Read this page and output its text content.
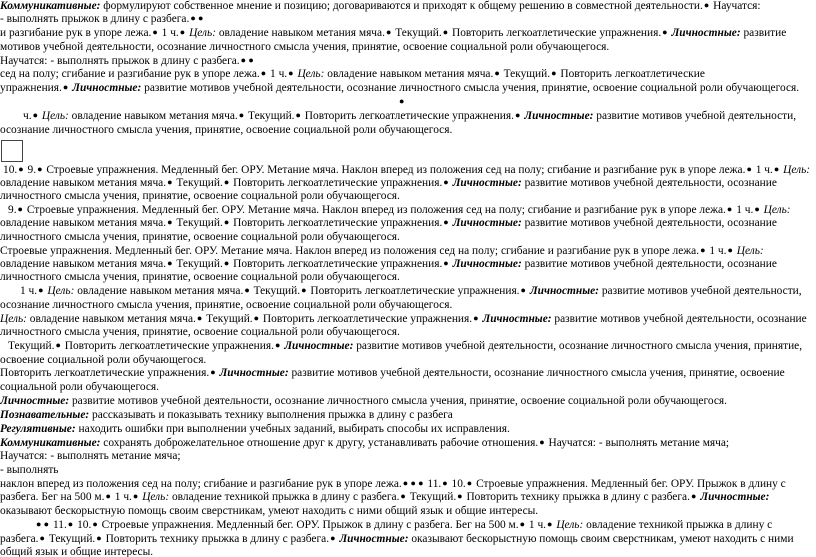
Коммуникативные: формулируют собственное мнение и позицию; договариваются и приходят к общему решению в совместной деятельности.● Научатся:
- выполнять прыжок в длину с разбега.● ●
и разгибание рук в упоре лежа.● 1 ч.● Цель: овладение навыком метания мяча.● Текущий.● Повторить легкоатлетические упражнения.● Личностные: развитие
мотивов учебной деятельности, осознание личностного смысла учения, принятие, освоение социальной роли обучающегося.
Научатся: - выполнять прыжок в длину с разбега.● ●
сед на полу; сгибание и разгибание рук в упоре лежа.● 1 ч.● Цель: овладение навыком метания мяча.● Текущий.● Повторить легкоатлетические
упражнения.● Личностные: развитие мотивов учебной деятельности, осознание личностного смысла учения, принятие, освоение социальной роли обучающегося.
●
ч.● Цель: овладение навыком метания мяча.● Текущий.● Повторить легкоатлетические упражнения.● Личностные: развитие мотивов учебной деятельности,
осознание личностного смысла учения, принятие, освоение социальной роли обучающегося.
10.● 9.● Строевые упражнения. Медленный бег. ОРУ. Метание мяча. Наклон вперед из положения сед на полу; сгибание и разгибание рук в упоре лежа.● 1 ч.● Цель:
овладение навыком метания мяча.● Текущий.● Повторить легкоатлетические упражнения.● Личностные: развитие мотивов учебной деятельности, осознание
личностного смысла учения, принятие, освоение социальной роли обучающегося.
9.● Строевые упражнения. Медленный бег. ОРУ. Метание мяча. Наклон вперед из положения сед на полу; сгибание и разгибание рук в упоре лежа.● 1 ч.● Цель:
овладение навыком метания мяча.● Текущий.● Повторить легкоатлетические упражнения.● Личностные: развитие мотивов учебной деятельности, осознание
личностного смысла учения, принятие, освоение социальной роли обучающегося.
Строевые упражнения. Медленный бег. ОРУ. Метание мяча. Наклон вперед из положения сед на полу; сгибание и разгибание рук в упоре лежа.● 1 ч.● Цель:
овладение навыком метания мяча.● Текущий.● Повторить легкоатлетические упражнения.● Личностные: развитие мотивов учебной деятельности, осознание
личностного смысла учения, принятие, освоение социальной роли обучающегося.
1 ч.● Цель: овладение навыком метания мяча.● Текущий.● Повторить легкоатлетические упражнения.● Личностные: развитие мотивов учебной деятельности,
осознание личностного смысла учения, принятие, освоение социальной роли обучающегося.
Цель: овладение навыком метания мяча.● Текущий.● Повторить легкоатлетические упражнения.● Личностные: развитие мотивов учебной деятельности, осознание
личностного смысла учения, принятие, освоение социальной роли обучающегося.
Текущий.● Повторить легкоатлетические упражнения.● Личностные: развитие мотивов учебной деятельности, осознание личностного смысла учения, принятие,
освоение социальной роли обучающегося.
Повторить легкоатлетические упражнения.● Личностные: развитие мотивов учебной деятельности, осознание личностного смысла учения, принятие, освоение
социальной роли обучающегося.
Личностные: развитие мотивов учебной деятельности, осознание личностного смысла учения, принятие, освоение социальной роли обучающегося.
Познавательные: рассказывать и показывать технику выполнения прыжка в длину с разбега
Регулятивные: находить ошибки при выполнении учебных заданий, выбирать способы их исправления.
Коммуникативные: сохранять доброжелательное отношение друг к другу, устанавливать рабочие отношения.● Научатся: - выполнять метание мяча;
Научатся: - выполнять метание мяча;
- выполнять
наклон вперед из положения сед на полу; сгибание и разгибание рук в упоре лежа.● ● ● 11.● 10.● Строевые упражнения. Медленный бег. ОРУ. Прыжок в длину с
разбега. Бег на 500 м.● 1 ч.● Цель: овладение техникой прыжка в длину с разбега.● Текущий.● Повторить технику прыжка в длину с разбега.● Личностные:
оказывают бескорыстную помощь своим сверстникам, умеют находить с ними общий язык и общие интересы.
● ● 11.● 10.● Строевые упражнения. Медленный бег. ОРУ. Прыжок в длину с разбега. Бег на 500 м.● 1 ч.● Цель: овладение техникой прыжка в длину с
разбега.● Текущий.● Повторить технику прыжка в длину с разбега.● Личностные: оказывают бескорыстную помощь своим сверстникам, умеют находить с ними
общий язык и общие интересы.
